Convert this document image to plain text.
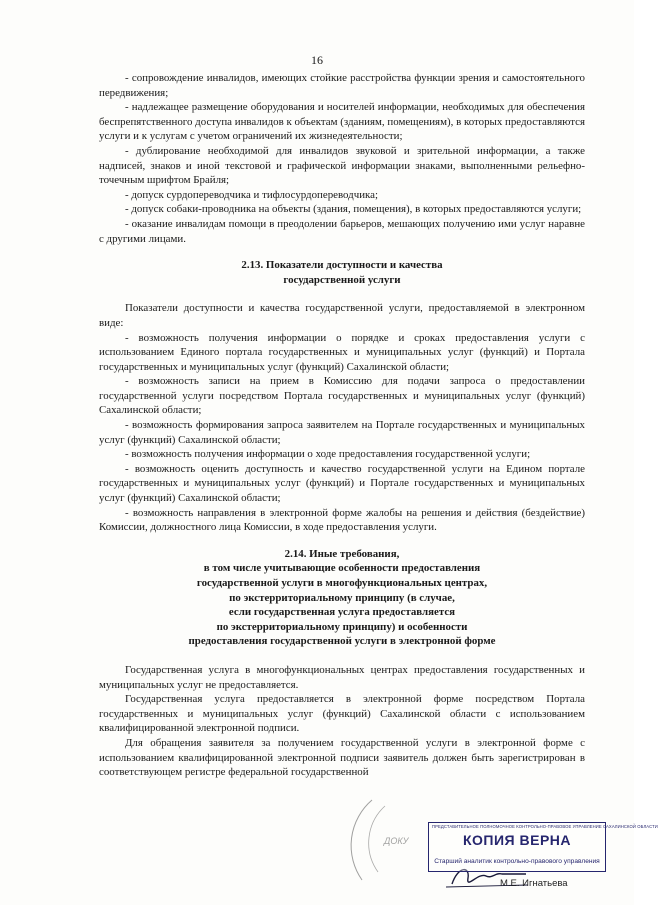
16

- сопровождение инвалидов, имеющих стойкие расстройства функции зрения и самостоятельного передвижения;

- надлежащее размещение оборудования и носителей информации, необходимых для обеспечения беспрепятственного доступа инвалидов к объектам (зданиям, помещениям), в которых предоставляются услуги и к услугам с учетом ограничений их жизнедеятельности;

- дублирование необходимой для инвалидов звуковой и зрительной информации, а также надписей, знаков и иной текстовой и графической информации знаками, выполненными рельефно-точечным шрифтом Брайля;

- допуск сурдопереводчика и тифлосурдопереводчика;

- допуск собаки-проводника на объекты (здания, помещения), в которых предоставляются услуги;

- оказание инвалидам помощи в преодолении барьеров, мешающих получению ими услуг наравне с другими лицами.

2.13. Показатели доступности и качества

государственной услуги

Показатели доступности и качества государственной услуги, предоставляемой в электронном виде:

- возможность получения информации о порядке и сроках предоставления услуги с использованием Единого портала государственных и муниципальных услуг (функций) и Портала государственных и муниципальных услуг (функций) Сахалинской области;

- возможность записи на прием в Комиссию для подачи запроса о предоставлении государственной услуги посредством Портала государственных и муниципальных услуг (функций) Сахалинской области;

- возможность формирования запроса заявителем на Портале государственных и муниципальных услуг (функций) Сахалинской области;

- возможность получения информации о ходе предоставления государственной услуги;

- возможность оценить доступность и качество государственной услуги на Едином портале государственных и муниципальных услуг (функций) и Портале государственных и муниципальных услуг (функций) Сахалинской области;

- возможность направления в электронной форме жалобы на решения и действия (бездействие) Комиссии, должностного лица Комиссии, в ходе предоставления услуги.

2.14. Иные требования,

в том числе учитывающие особенности предоставления

государственной услуги в многофункциональных центрах,

по экстерриториальному принципу (в случае,

если государственная услуга предоставляется

по экстерриториальному принципу) и особенности

предоставления государственной услуги в электронной форме

Государственная услуга в многофункциональных центрах предоставления государственных и муниципальных услуг не предоставляется.

Государственная услуга предоставляется в электронной форме посредством Портала государственных и муниципальных услуг (функций) Сахалинской области с использованием квалифицированной электронной подписи.

Для обращения заявителя за получением государственной услуги в электронной форме с использованием квалифицированной электронной подписи заявитель должен быть зарегистрирован в соответствующем регистре федеральной государственной

ДОКУ
ПРЕДСТАВИТЕЛЬНОЕ ПОЛНОМОЧНОЕ КОНТРОЛЬНО-ПРАВОВОЕ УПРАВЛЕНИЕ САХАЛИНСКОЙ ОБЛАСТИ
КОПИЯ ВЕРНА
Старший аналитик контрольно-правового управления
М.Е. Игнатьева
